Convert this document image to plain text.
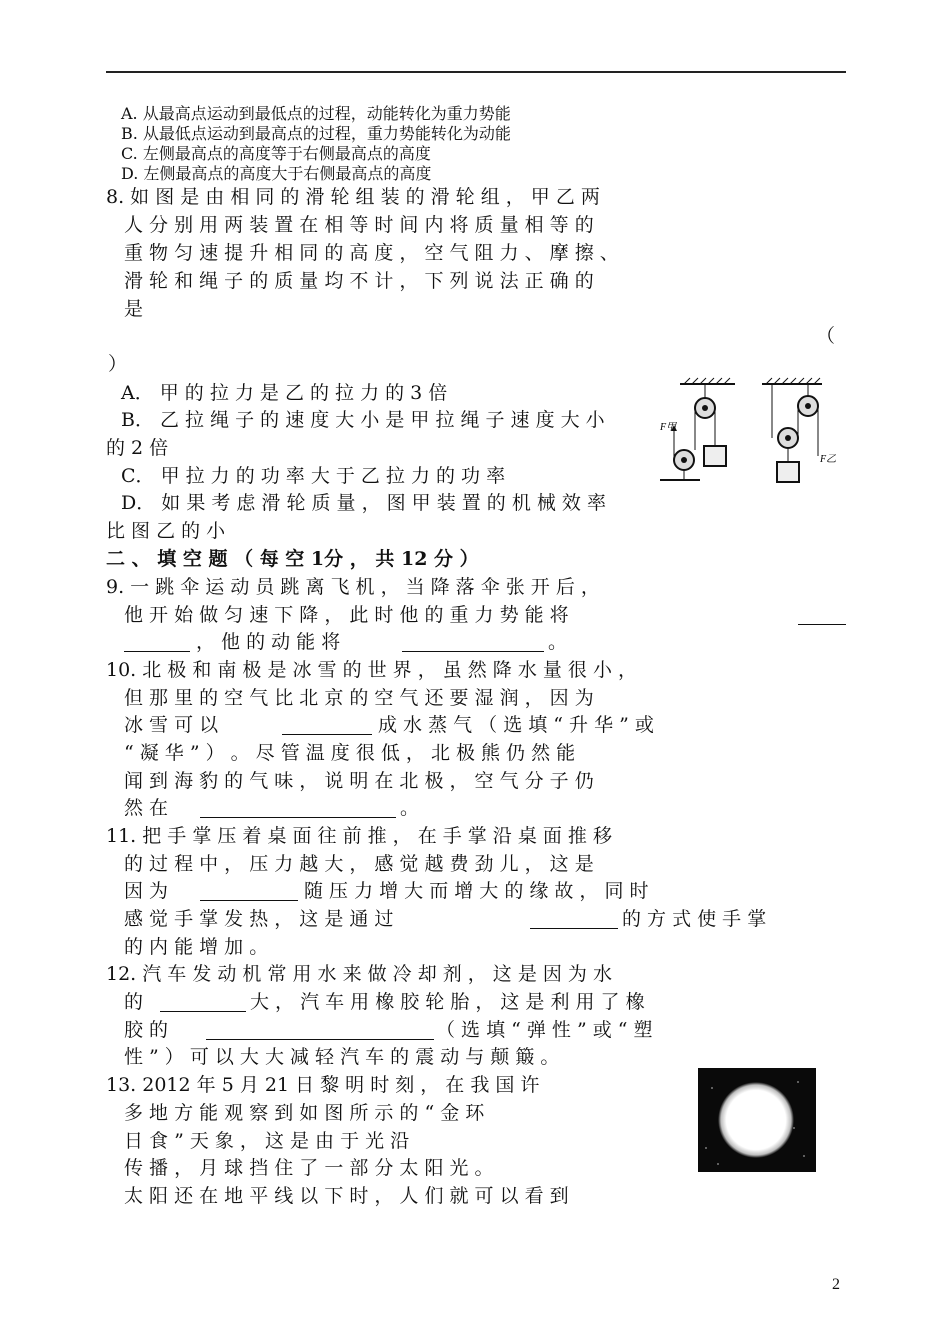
A. 从最高点运动到最低点的过程，动能转化为重力势能
B. 从最低点运动到最高点的过程，重力势能转化为动能
C. 左侧最高点的高度等于右侧最高点的高度
D. 左侧最高点的高度大于右侧最高点的高度
8. 如 图 是 由 相 同 的 滑 轮 组 装 的 滑 轮 组 ， 甲 乙 两
人 分 别 用 两 装 置 在 相 等 时 间 内 将 质 量 相 等 的
重 物 匀 速 提 升 相 同 的 高 度 ， 空 气 阻 力 、 摩 擦 、
滑 轮 和 绳 子 的 质 量 均 不 计 ， 下 列 说 法 正 确 的
是
（
）
A． 甲 的 拉 力 是 乙 的 拉 力 的 3 倍
B． 乙 拉 绳 子 的 速 度 大 小 是 甲 拉 绳 子 速 度 大 小
的 2 倍
C． 甲 拉 力 的 功 率 大 于 乙 拉 力 的 功 率
D． 如 果 考 虑 滑 轮 质 量 ， 图 甲 装 置 的 机 械 效 率
比 图 乙 的 小
二 、 填 空 题 （ 每 空 1分 ， 共 12 分 ）
9. 一 跳 伞 运 动 员 跳 离 飞 机 ， 当 降 落 伞 张 开 后 ，
他 开 始 做 匀 速 下 降 ， 此 时 他 的 重 力 势 能 将
， 他 的 动 能 将	。
10. 北 极 和 南 极 是 冰 雪 的 世 界 ， 虽 然 降 水 量 很 小 ，
但 那 里 的 空 气 比 北 京 的 空 气 还 要 湿 润 ， 因 为
冰 雪 可 以	成 水 蒸 气 （ 选 填 “ 升 华 ” 或
“ 凝 华 ” ） 。 尽 管 温 度 很 低 ， 北 极 熊 仍 然 能
闻 到 海 豹 的 气 味 ， 说 明 在 北 极 ， 空 气 分 子 仍
然 在	。
11. 把 手 掌 压 着 桌 面 往 前 推 ， 在 手 掌 沿 桌 面 推 移
的 过 程 中 ， 压 力 越 大 ， 感 觉 越 费 劲 儿 ， 这 是
因 为	随 压 力 增 大 而 增 大 的 缘 故 ， 同 时
感 觉 手 掌 发 热 ， 这 是 通 过	的 方 式 使 手 掌
的 内 能 增 加 。
12. 汽 车 发 动 机 常 用 水 来 做 冷 却 剂 ， 这 是 因 为 水
的	大 ， 汽 车 用 橡 胶 轮 胎 ， 这 是 利 用 了 橡
胶 的	（ 选 填 “ 弹 性 ” 或 “ 塑
性 ” ） 可 以 大 大 减 轻 汽 车 的 震 动 与 颠 簸 。
13. 2012 年 5 月 21 日 黎 明 时 刻 ， 在 我 国 许
多 地 方 能 观 察 到 如 图 所 示 的 “ 金 环
日 食 ” 天 象 ， 这 是 由 于 光 沿
传 播 ， 月 球 挡 住 了 一 部 分 太 阳 光 。
太 阳 还 在 地 平 线 以 下 时 ， 人 们 就 可 以 看 到
F甲
F乙
2
